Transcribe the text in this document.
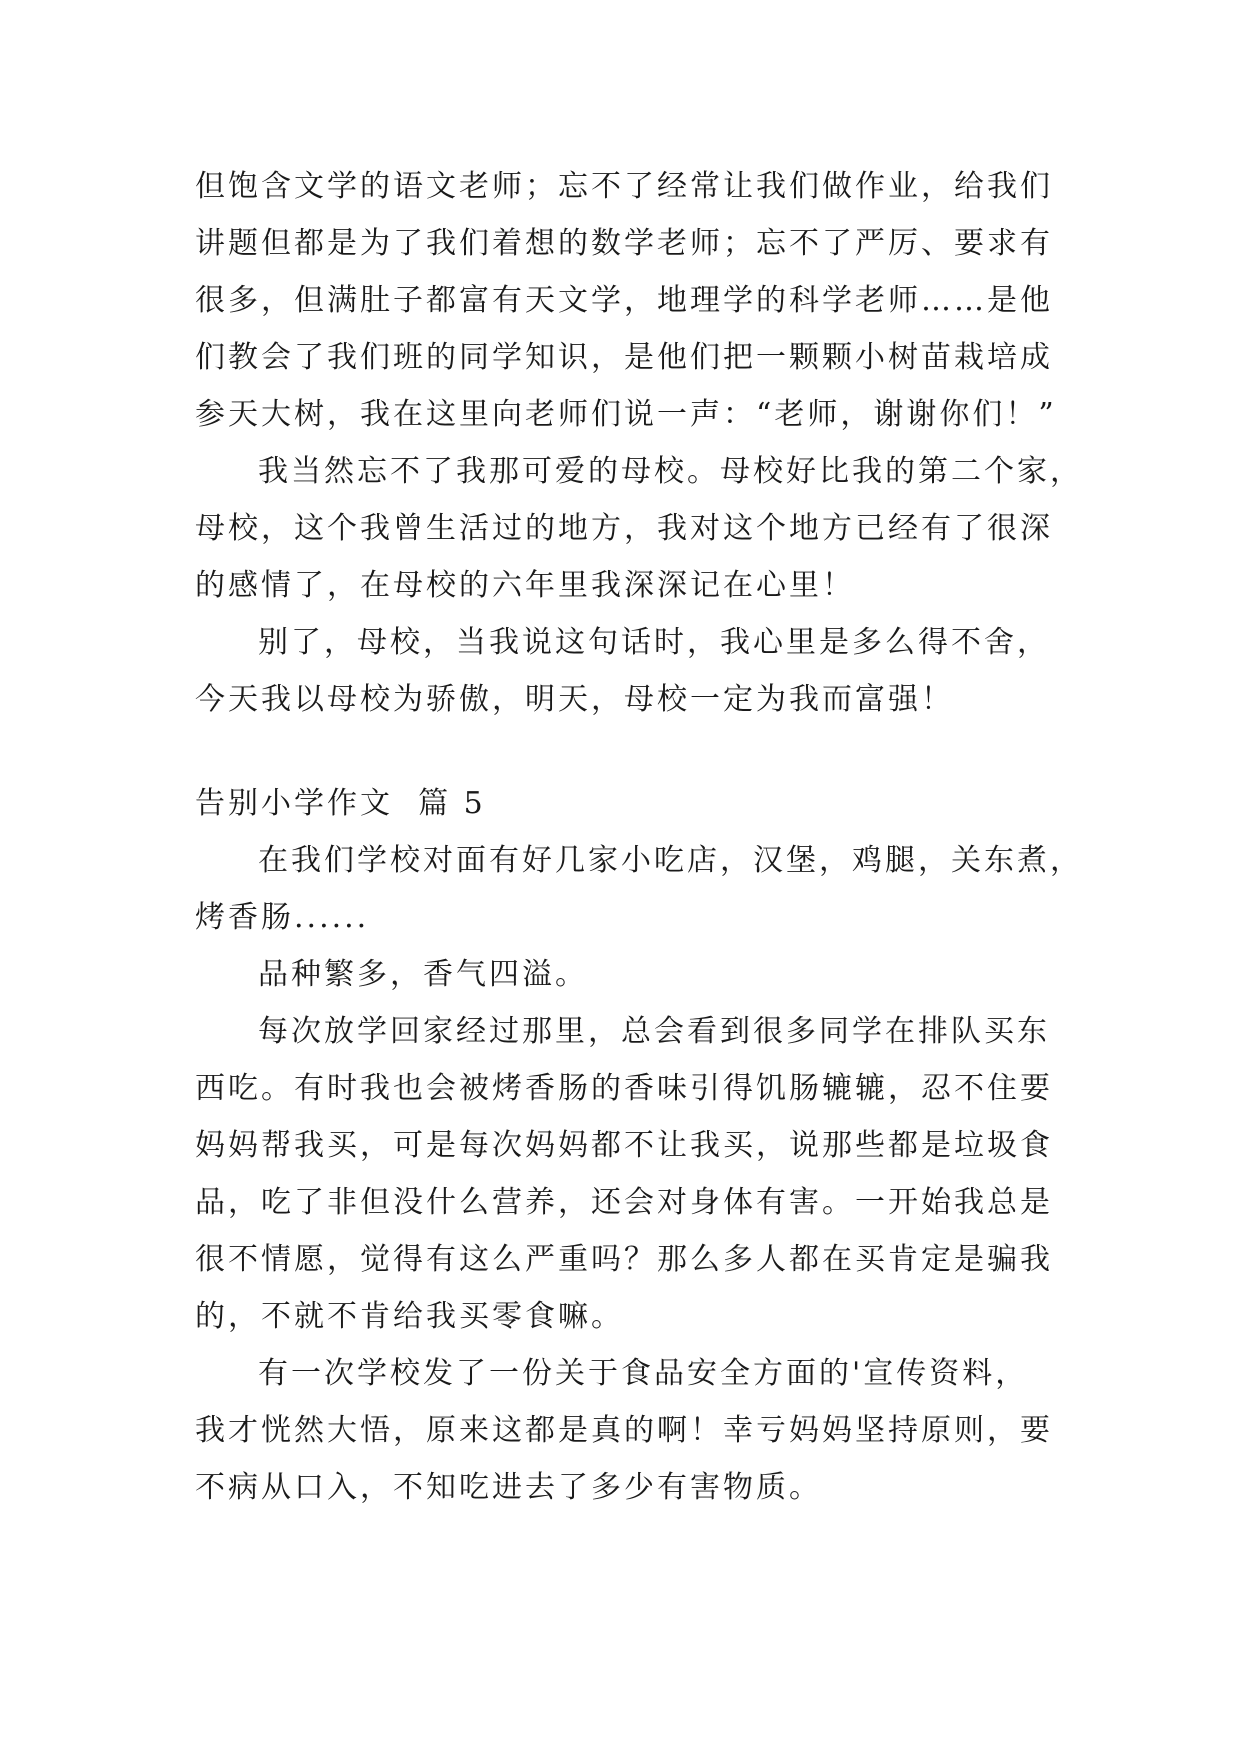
但饱含文学的语文老师；忘不了经常让我们做作业，给我们
讲题但都是为了我们着想的数学老师；忘不了严厉、要求有
很多，但满肚子都富有天文学，地理学的科学老师……是他
们教会了我们班的同学知识，是他们把一颗颗小树苗栽培成
参天大树，我在这里向老师们说一声：“老师，谢谢你们！”

我当然忘不了我那可爱的母校。母校好比我的第二个家，
母校，这个我曾生活过的地方，我对这个地方已经有了很深
的感情了，在母校的六年里我深深记在心里！

别了，母校，当我说这句话时，我心里是多么得不舍，
今天我以母校为骄傲，明天，母校一定为我而富强！

告别小学作文  篇 5

在我们学校对面有好几家小吃店，汉堡，鸡腿，关东煮，
烤香肠......

品种繁多，香气四溢。

每次放学回家经过那里，总会看到很多同学在排队买东
西吃。有时我也会被烤香肠的香味引得饥肠辘辘，忍不住要
妈妈帮我买，可是每次妈妈都不让我买，说那些都是垃圾食
品，吃了非但没什么营养，还会对身体有害。一开始我总是
很不情愿，觉得有这么严重吗？那么多人都在买肯定是骗我
的，不就不肯给我买零食嘛。

有一次学校发了一份关于食品安全方面的'宣传资料，
我才恍然大悟，原来这都是真的啊！幸亏妈妈坚持原则，要
不病从口入，不知吃进去了多少有害物质。
